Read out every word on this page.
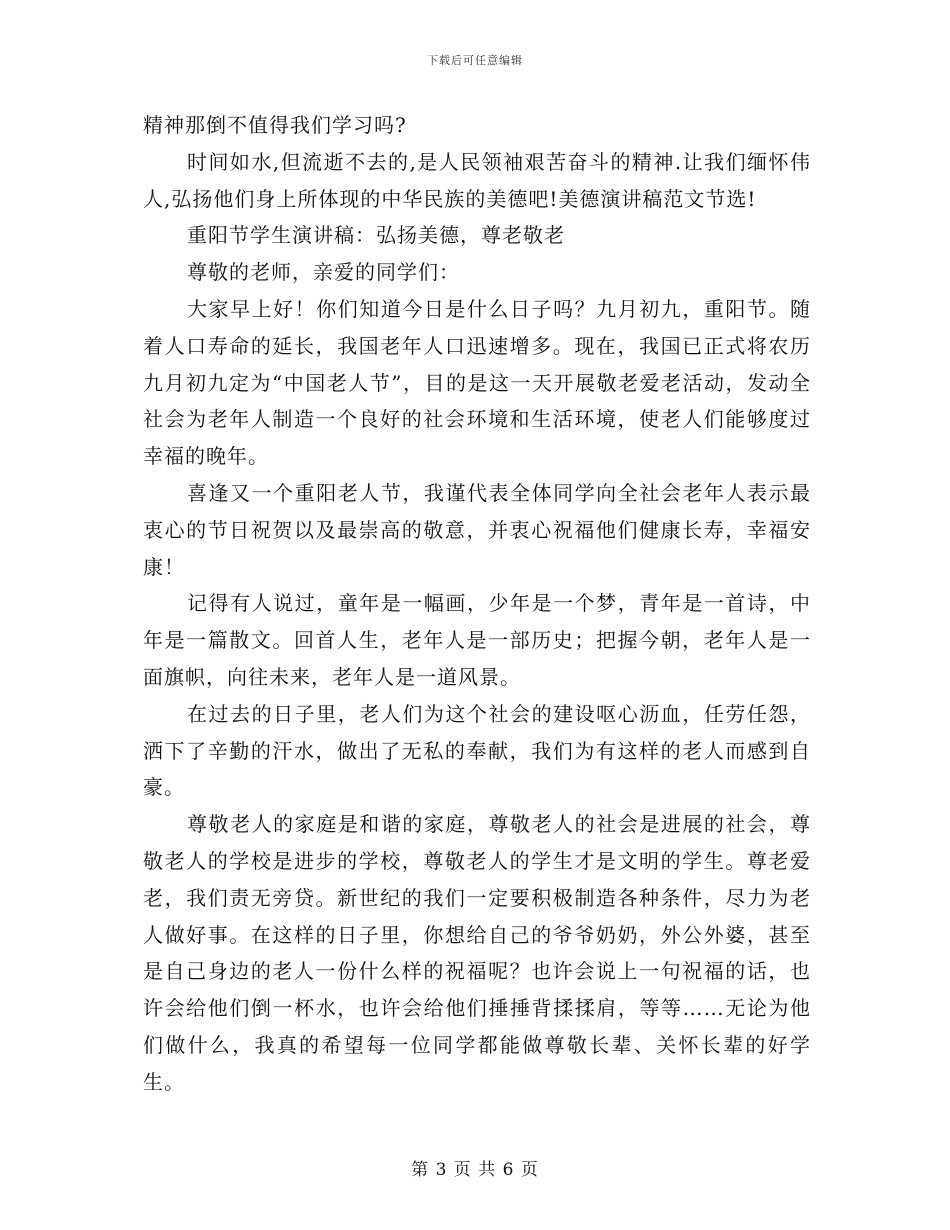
下载后可任意编辑

精神那倒不值得我们学习吗?

时间如水,但流逝不去的,是人民领袖艰苦奋斗的精神.让我们缅怀伟人,弘扬他们身上所体现的中华民族的美德吧!美德演讲稿范文节选!

重阳节学生演讲稿：弘扬美德，尊老敬老

尊敬的老师，亲爱的同学们：

大家早上好！你们知道今日是什么日子吗？九月初九，重阳节。随着人口寿命的延长，我国老年人口迅速增多。现在，我国已正式将农历九月初九定为“中国老人节”，目的是这一天开展敬老爱老活动，发动全社会为老年人制造一个良好的社会环境和生活环境，使老人们能够度过幸福的晚年。

喜逢又一个重阳老人节，我谨代表全体同学向全社会老年人表示最衷心的节日祝贺以及最崇高的敬意，并衷心祝福他们健康长寿，幸福安康！

记得有人说过，童年是一幅画，少年是一个梦，青年是一首诗，中年是一篇散文。回首人生，老年人是一部历史；把握今朝，老年人是一面旗帜，向往未来，老年人是一道风景。

在过去的日子里，老人们为这个社会的建设呕心沥血，任劳任怨，洒下了辛勤的汗水，做出了无私的奉献，我们为有这样的老人而感到自豪。

尊敬老人的家庭是和谐的家庭，尊敬老人的社会是进展的社会，尊敬老人的学校是进步的学校，尊敬老人的学生才是文明的学生。尊老爱老，我们责无旁贷。新世纪的我们一定要积极制造各种条件，尽力为老人做好事。在这样的日子里，你想给自己的爷爷奶奶，外公外婆，甚至是自己身边的老人一份什么样的祝福呢？也许会说上一句祝福的话，也许会给他们倒一杯水，也许会给他们捶捶背揉揉肩，等等……无论为他们做什么，我真的希望每一位同学都能做尊敬长辈、关怀长辈的好学生。

第 3 页 共 6 页
